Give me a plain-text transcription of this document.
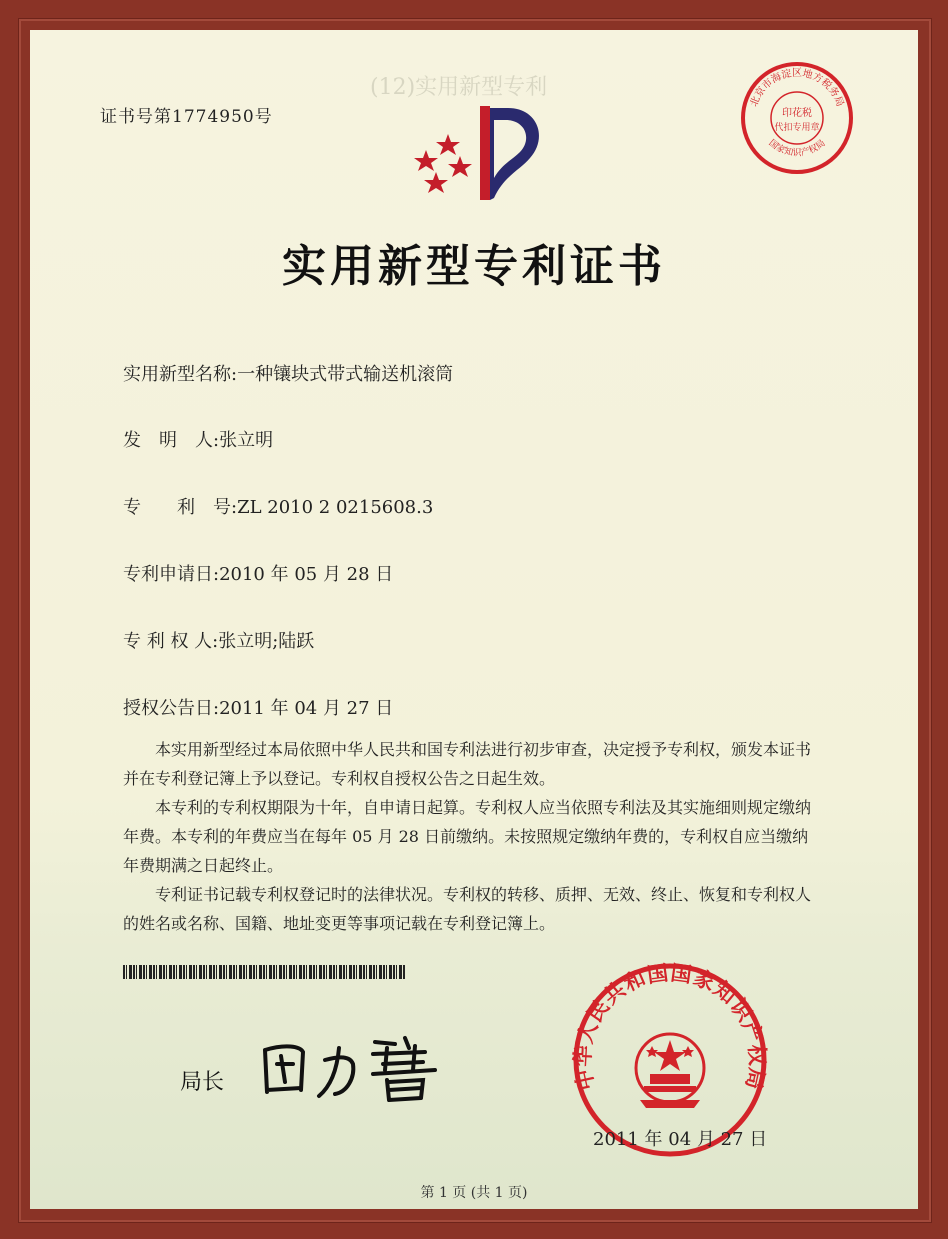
(12)实用新型专利
证书号第1774950号
北京市海淀区地方税务局
国家知识产权局
印花税
代扣专用章
实用新型专利证书
实用新型名称:一种镶块式带式输送机滚筒
发　明　人:张立明
专　　利　号:ZL 2010 2 0215608.3
专利申请日:2010 年 05 月 28 日
专 利 权 人:张立明;陆跃
授权公告日:2011 年 04 月 27 日

本实用新型经过本局依照中华人民共和国专利法进行初步审查，决定授予专利权，颁发本证书并在专利登记簿上予以登记。专利权自授权公告之日起生效。

本专利的专利权期限为十年，自申请日起算。专利权人应当依照专利法及其实施细则规定缴纳年费。本专利的年费应当在每年 05 月 28 日前缴纳。未按照规定缴纳年费的，专利权自应当缴纳年费期满之日起终止。

专利证书记载专利权登记时的法律状况。专利权的转移、质押、无效、终止、恢复和专利权人的姓名或名称、国籍、地址变更等事项记载在专利登记簿上。

局长	中华人民共和国国家知识产权局
2011 年 04 月 27 日
第 1 页 (共 1 页)
